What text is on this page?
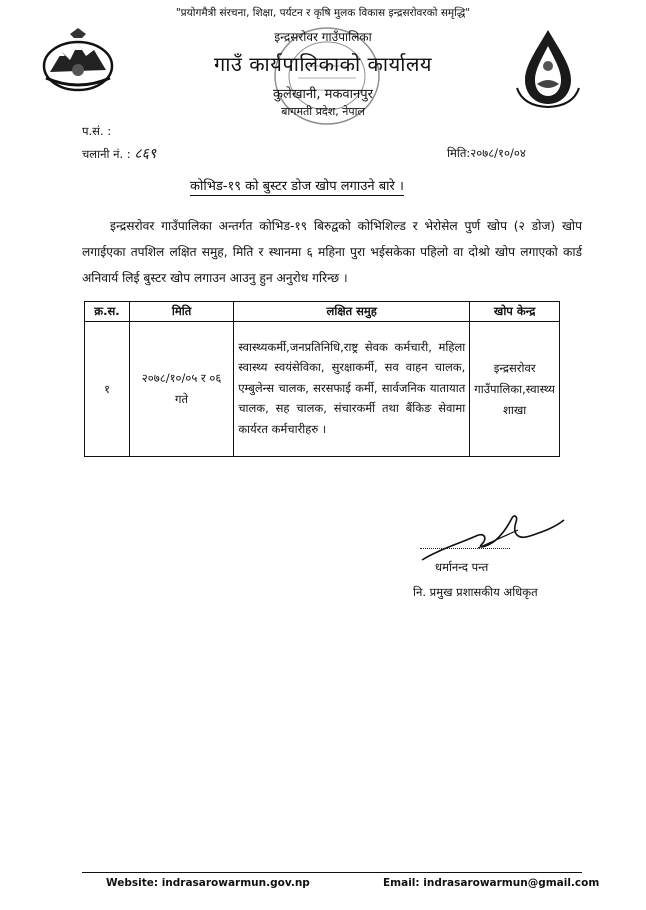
"प्रयोगमैत्री संरचना, शिक्षा, पर्यटन र कृषि मुलक विकास इन्द्रसरोवरको समृद्धि"
इन्द्रसरोवर गाउँपालिका
गाउँ कार्यपालिकाको कार्यालय
कुलेखानी, मकवानपुर
बागमती प्रदेश, नेपाल
प.सं. :
चलानी नं. : ८६९	मिति:२०७८/१०/०४
कोभिड-१९ को बुस्टर डोज खोप लगाउने बारे ।
इन्द्रसरोवर गाउँपालिका अन्तर्गत कोभिड-१९ बिरुद्वको कोभिशिल्ड र भेरोसेल पुर्ण खोप (२ डोज) खोप लगाईएका तपशिल लक्षित समुह, मिति र स्थानमा ६ महिना पुरा भईसकेका पहिलो वा दोश्रो खोप लगाएको कार्ड अनिवार्य लिई बुस्टर खोप लगाउन आउनु हुन अनुरोध गरिन्छ ।
क्र.स.	मिति	लक्षित समुह	खोप केन्द्र
१	२०७८/१०/०५ र ०६ गते	स्वास्थ्यकर्मी,जनप्रतिनिधि,राष्ट्र सेवक कर्मचारी, महिला स्वास्थ्य स्वयंसेविका, सुरक्षाकर्मी, सव वाहन चालक, एम्बुलेन्स चालक, सरसफाई कर्मी, सार्वजनिक यातायात चालक, सह चालक, संचारकर्मी तथा बैंकिङ सेवामा कार्यरत कर्मचारीहरु ।	इन्द्रसरोवर गाउँपालिका,स्वास्थ्य शाखा
धर्मानन्द पन्त
नि. प्रमुख प्रशासकीय अधिकृत
Website: indrasarowarmun.gov.np	Email: indrasarowarmun@gmail.com
